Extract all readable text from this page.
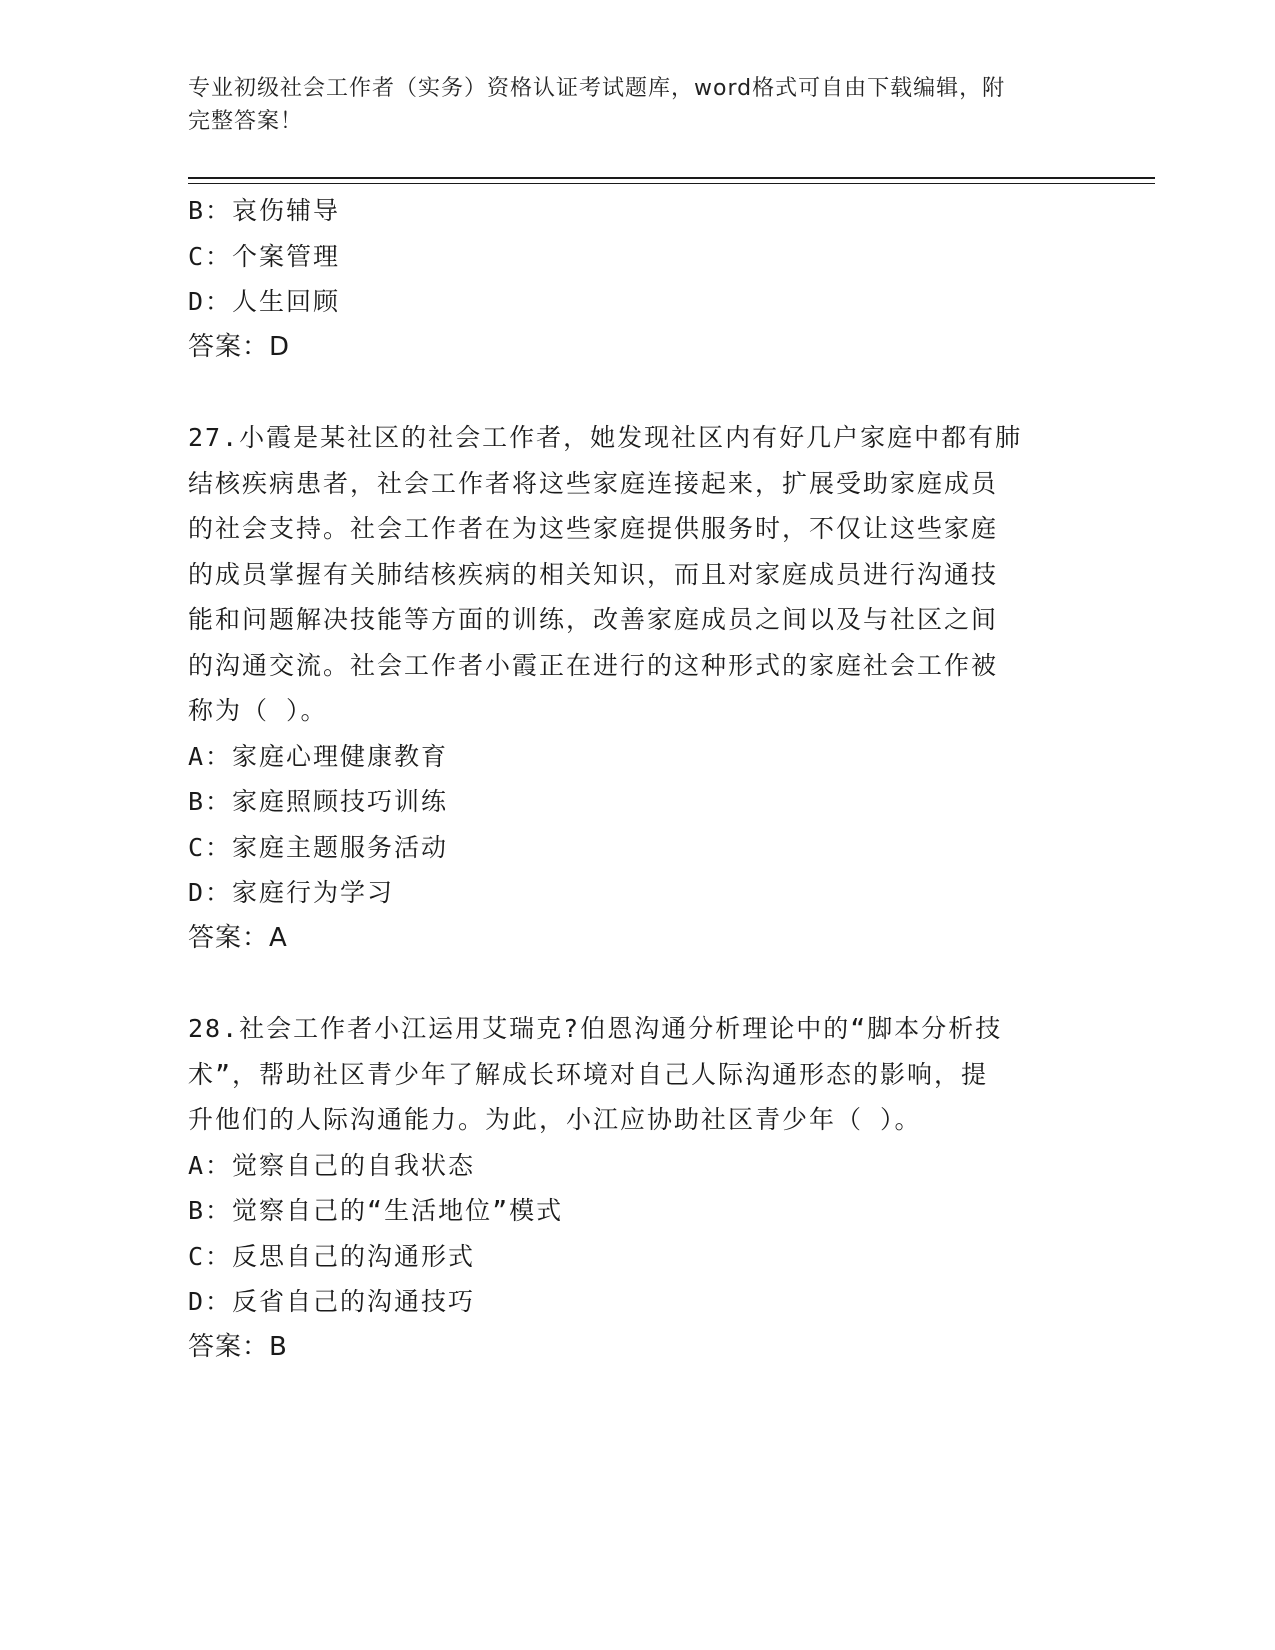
专业初级社会工作者（实务）资格认证考试题库，word格式可自由下载编辑，附
完整答案！
B：哀伤辅导
C：个案管理
D：人生回顾
答案：D
27.小霞是某社区的社会工作者，她发现社区内有好几户家庭中都有肺
结核疾病患者，社会工作者将这些家庭连接起来，扩展受助家庭成员
的社会支持。社会工作者在为这些家庭提供服务时，不仅让这些家庭
的成员掌握有关肺结核疾病的相关知识，而且对家庭成员进行沟通技
能和问题解决技能等方面的训练，改善家庭成员之间以及与社区之间
的沟通交流。社会工作者小霞正在进行的这种形式的家庭社会工作被
称为（ ）。
A：家庭心理健康教育
B：家庭照顾技巧训练
C：家庭主题服务活动
D：家庭行为学习
答案：A
28.社会工作者小江运用艾瑞克?伯恩沟通分析理论中的“脚本分析技
术”，帮助社区青少年了解成长环境对自己人际沟通形态的影响，提
升他们的人际沟通能力。为此，小江应协助社区青少年（ ）。
A：觉察自己的自我状态
B：觉察自己的“生活地位”模式
C：反思自己的沟通形式
D：反省自己的沟通技巧
答案：B
